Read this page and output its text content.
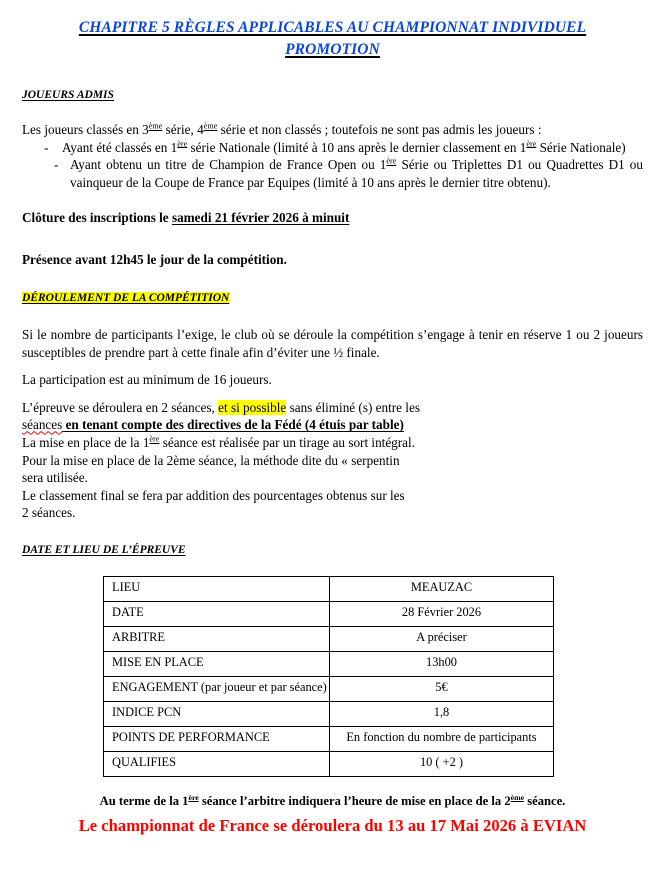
CHAPITRE 5 RÈGLES APPLICABLES AU CHAMPIONNAT INDIVIDUEL
PROMOTION
JOUEURS ADMIS

Les joueurs classés en 3ème série, 4ème série et non classés ; toutefois ne sont pas admis les joueurs :

- Ayant été classés en 1ère série Nationale (limité à 10 ans après le dernier classement en 1ère Série Nationale)
- Ayant obtenu un titre de Champion de France Open ou 1ère Série ou Triplettes D1 ou Quadrettes D1 ou vainqueur de la Coupe de France par Equipes (limité à 10 ans après le dernier titre obtenu).

Clôture des inscriptions le samedi 21 février 2026 à minuit

Présence avant 12h45 le jour de la compétition.

DÉROULEMENT DE LA COMPÉTITION

Si le nombre de participants l’exige, le club où se déroule la compétition s’engage à tenir en réserve 1 ou 2 joueurs susceptibles de prendre part à cette finale afin d’éviter une ½ finale.

La participation est au minimum de 16 joueurs.

L’épreuve se déroulera en 2 séances, et si possible sans éliminé (s) entre les

séances en tenant compte des directives de la Fédé (4 étuis par table)

La mise en place de la 1ère séance est réalisée par un tirage au sort intégral.

Pour la mise en place de la 2ème séance, la méthode dite du « serpentin

sera utilisée.

Le classement final se fera par addition des pourcentages obtenus sur les

2 séances.

DATE ET LIEU DE L’ÉPREUVE
LIEU	MEAUZAC
DATE	28 Février 2026
ARBITRE	A préciser
MISE EN PLACE	13h00
ENGAGEMENT (par joueur et par séance)	5€
INDICE PCN	1,8
POINTS DE PERFORMANCE	En fonction du nombre de participants
QUALIFIES	10 ( +2 )

Au terme de la 1ère séance l’arbitre indiquera l’heure de mise en place de la 2ème séance.

Le championnat de France se déroulera du 13 au 17 Mai 2026 à EVIAN
